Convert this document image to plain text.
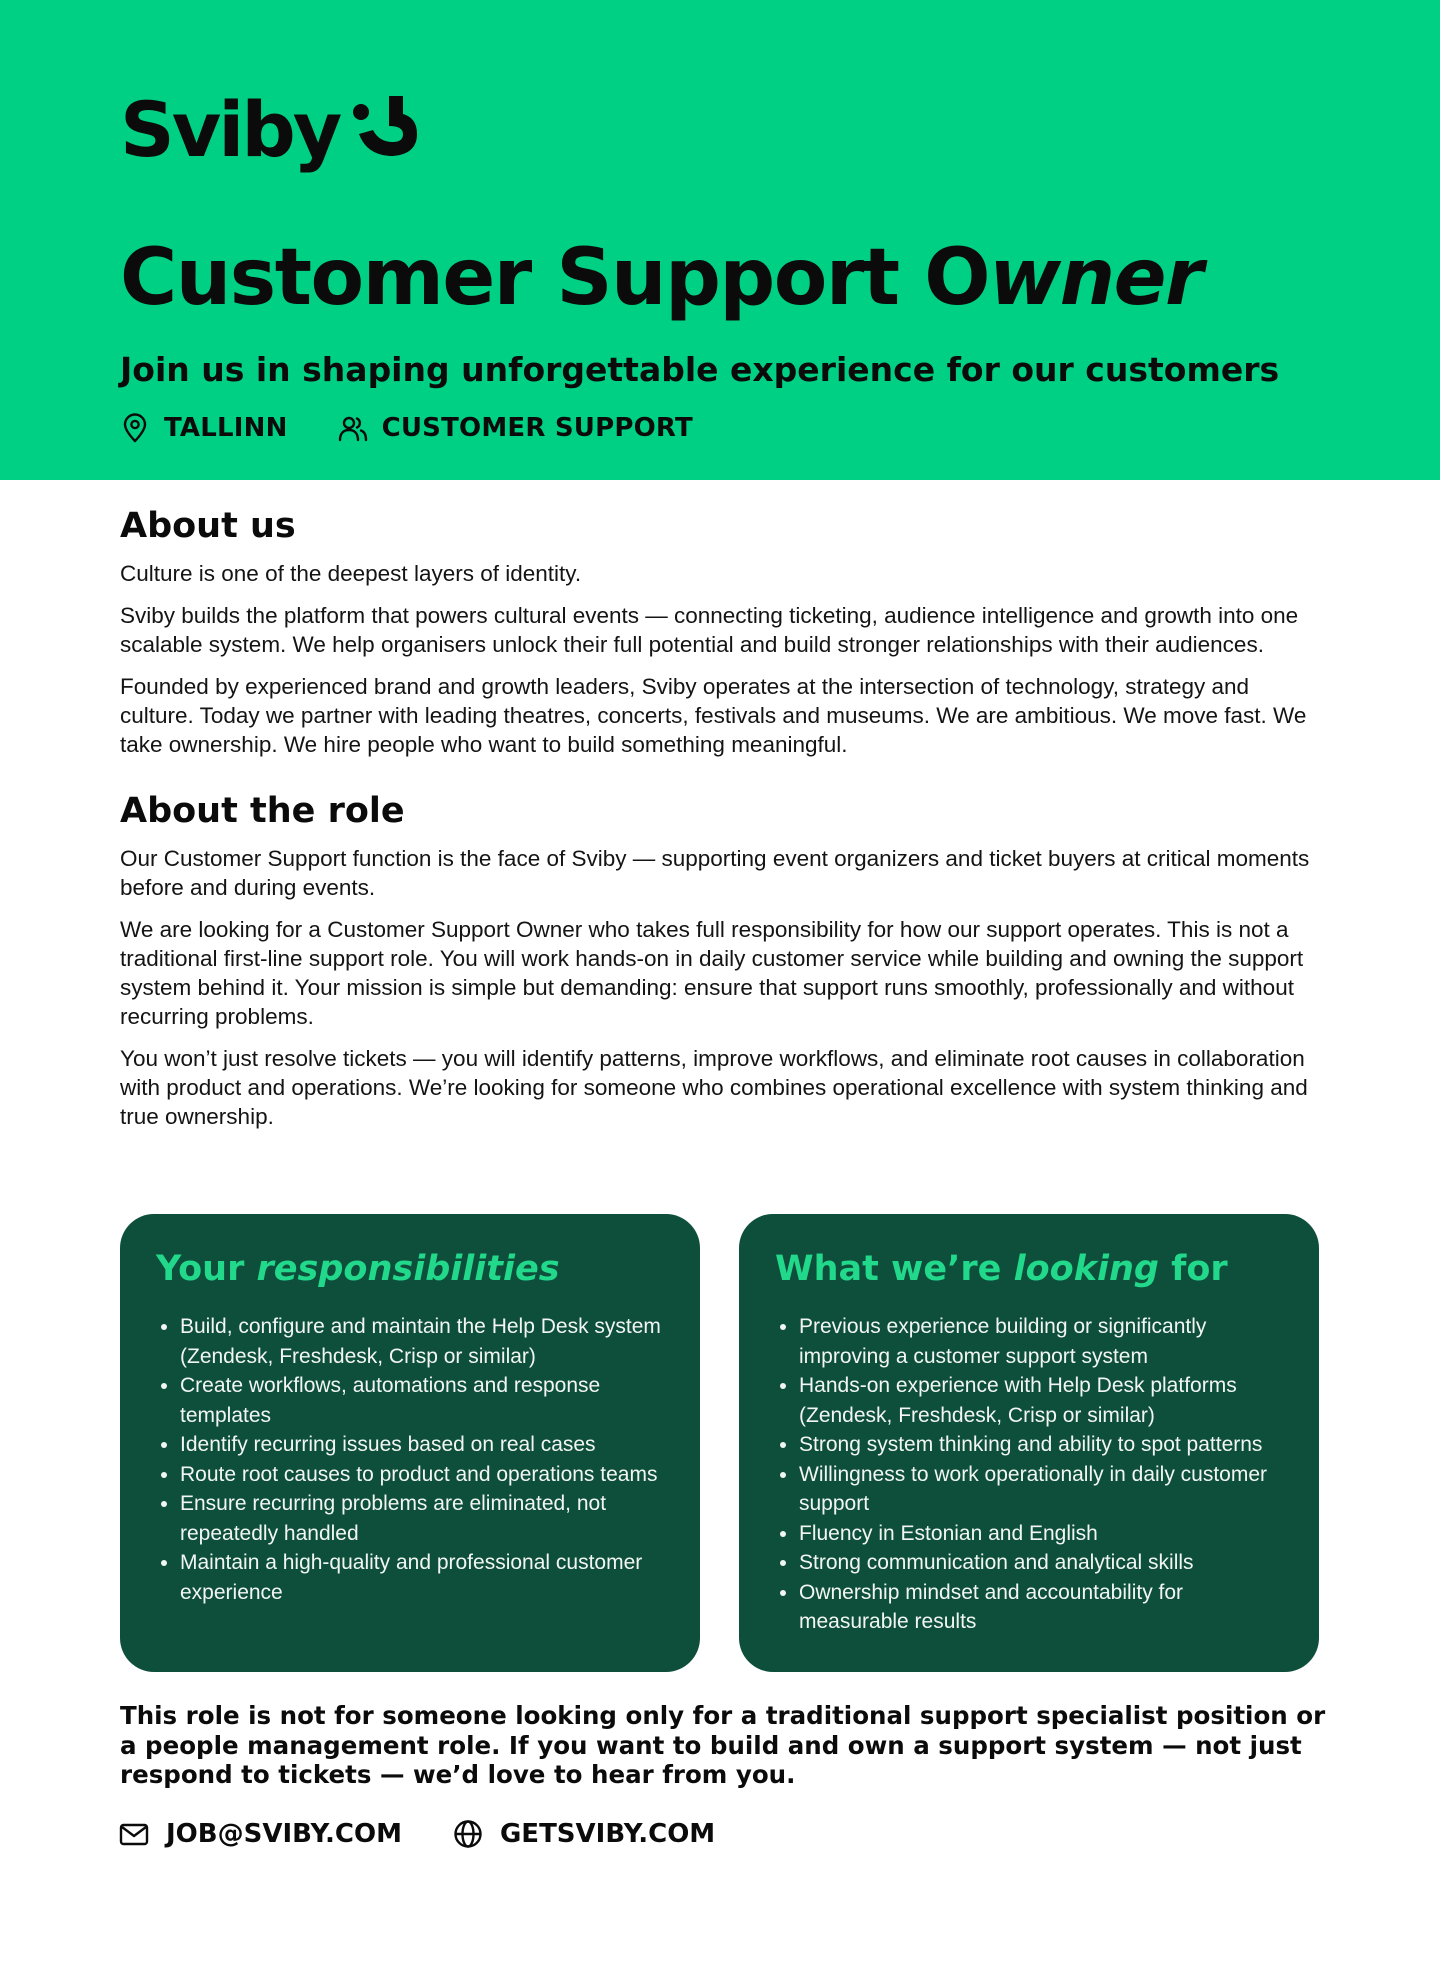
Sviby
Customer Support Owner

Join us in shaping unforgettable experience for our customers

TALLINN	CUSTOMER SUPPORT
About us

Culture is one of the deepest layers of identity.

Sviby builds the platform that powers cultural events — connecting ticketing, audience intelligence and growth into one scalable system. We help organisers unlock their full potential and build stronger relationships with their audiences.

Founded by experienced brand and growth leaders, Sviby operates at the intersection of technology, strategy and culture. Today we partner with leading theatres, concerts, festivals and museums. We are ambitious. We move fast. We take ownership. We hire people who want to build something meaningful.

About the role

Our Customer Support function is the face of Sviby — supporting event organizers and ticket buyers at critical moments before and during events.

We are looking for a Customer Support Owner who takes full responsibility for how our support operates. This is not a traditional first-line support role. You will work hands-on in daily customer service while building and owning the support system behind it. Your mission is simple but demanding: ensure that support runs smoothly, professionally and without recurring problems.

You won’t just resolve tickets — you will identify patterns, improve workflows, and eliminate root causes in collaboration with product and operations. We’re looking for someone who combines operational excellence with system thinking and true ownership.

Your responsibilities
• Build, configure and maintain the Help Desk system (Zendesk, Freshdesk, Crisp or similar)
• Create workflows, automations and response templates
• Identify recurring issues based on real cases
• Route root causes to product and operations teams
• Ensure recurring problems are eliminated, not repeatedly handled
• Maintain a high-quality and professional customer experience
What we’re looking for
• Previous experience building or significantly improving a customer support system
• Hands-on experience with Help Desk platforms (Zendesk, Freshdesk, Crisp or similar)
• Strong system thinking and ability to spot patterns
• Willingness to work operationally in daily customer support
• Fluency in Estonian and English
• Strong communication and analytical skills
• Ownership mindset and accountability for measurable results

This role is not for someone looking only for a traditional support specialist position or a people management role. If you want to build and own a support system — not just respond to tickets — we’d love to hear from you.

JOB@SVIBY.COM	GETSVIBY.COM
